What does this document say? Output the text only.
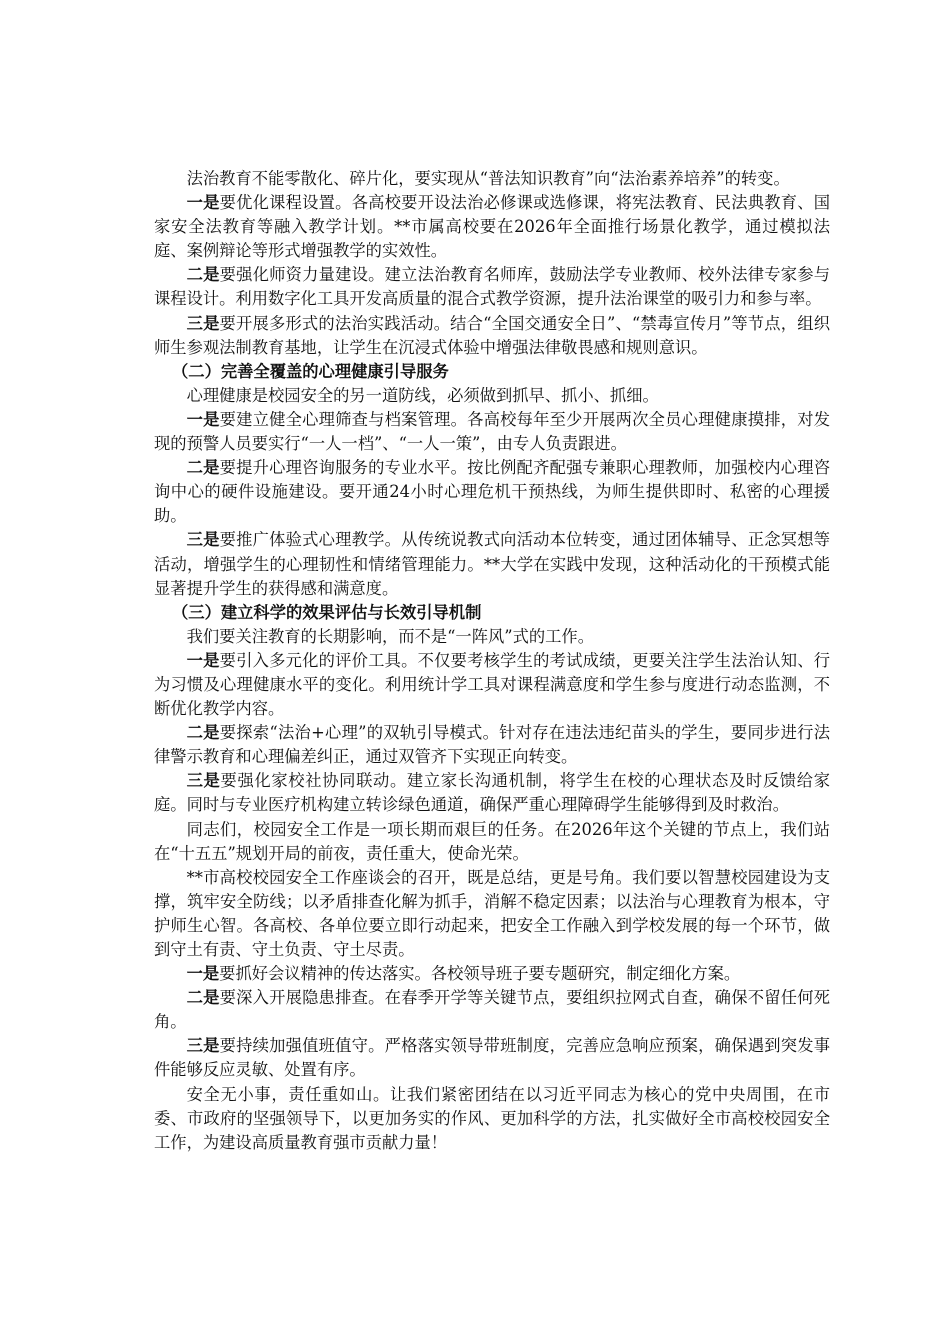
法治教育不能零散化、碎片化，要实现从“普法知识教育”向“法治素养培养”的转变。

一是要优化课程设置。各高校要开设法治必修课或选修课，将宪法教育、民法典教育、国家安全法教育等融入教学计划。**市属高校要在2026年全面推行场景化教学，通过模拟法庭、案例辩论等形式增强教学的实效性。

二是要强化师资力量建设。建立法治教育名师库，鼓励法学专业教师、校外法律专家参与课程设计。利用数字化工具开发高质量的混合式教学资源，提升法治课堂的吸引力和参与率。

三是要开展多形式的法治实践活动。结合“全国交通安全日”、“禁毒宣传月”等节点，组织师生参观法制教育基地，让学生在沉浸式体验中增强法律敬畏感和规则意识。

（二）完善全覆盖的心理健康引导服务

心理健康是校园安全的另一道防线，必须做到抓早、抓小、抓细。

一是要建立健全心理筛查与档案管理。各高校每年至少开展两次全员心理健康摸排，对发现的预警人员要实行“一人一档”、“一人一策”，由专人负责跟进。

二是要提升心理咨询服务的专业水平。按比例配齐配强专兼职心理教师，加强校内心理咨询中心的硬件设施建设。要开通24小时心理危机干预热线，为师生提供即时、私密的心理援助。

三是要推广体验式心理教学。从传统说教式向活动本位转变，通过团体辅导、正念冥想等活动，增强学生的心理韧性和情绪管理能力。**大学在实践中发现，这种活动化的干预模式能显著提升学生的获得感和满意度。

（三）建立科学的效果评估与长效引导机制

我们要关注教育的长期影响，而不是“一阵风”式的工作。

一是要引入多元化的评价工具。不仅要考核学生的考试成绩，更要关注学生法治认知、行为习惯及心理健康水平的变化。利用统计学工具对课程满意度和学生参与度进行动态监测，不断优化教学内容。

二是要探索“法治+心理”的双轨引导模式。针对存在违法违纪苗头的学生，要同步进行法律警示教育和心理偏差纠正，通过双管齐下实现正向转变。

三是要强化家校社协同联动。建立家长沟通机制，将学生在校的心理状态及时反馈给家庭。同时与专业医疗机构建立转诊绿色通道，确保严重心理障碍学生能够得到及时救治。

同志们，校园安全工作是一项长期而艰巨的任务。在2026年这个关键的节点上，我们站在“十五五”规划开局的前夜，责任重大，使命光荣。

**市高校校园安全工作座谈会的召开，既是总结，更是号角。我们要以智慧校园建设为支撑，筑牢安全防线；以矛盾排查化解为抓手，消解不稳定因素；以法治与心理教育为根本，守护师生心智。各高校、各单位要立即行动起来，把安全工作融入到学校发展的每一个环节，做到守土有责、守土负责、守土尽责。

一是要抓好会议精神的传达落实。各校领导班子要专题研究，制定细化方案。

二是要深入开展隐患排查。在春季开学等关键节点，要组织拉网式自查，确保不留任何死角。

三是要持续加强值班值守。严格落实领导带班制度，完善应急响应预案，确保遇到突发事件能够反应灵敏、处置有序。

安全无小事，责任重如山。让我们紧密团结在以习近平同志为核心的党中央周围，在市委、市政府的坚强领导下，以更加务实的作风、更加科学的方法，扎实做好全市高校校园安全工作，为建设高质量教育强市贡献力量！
